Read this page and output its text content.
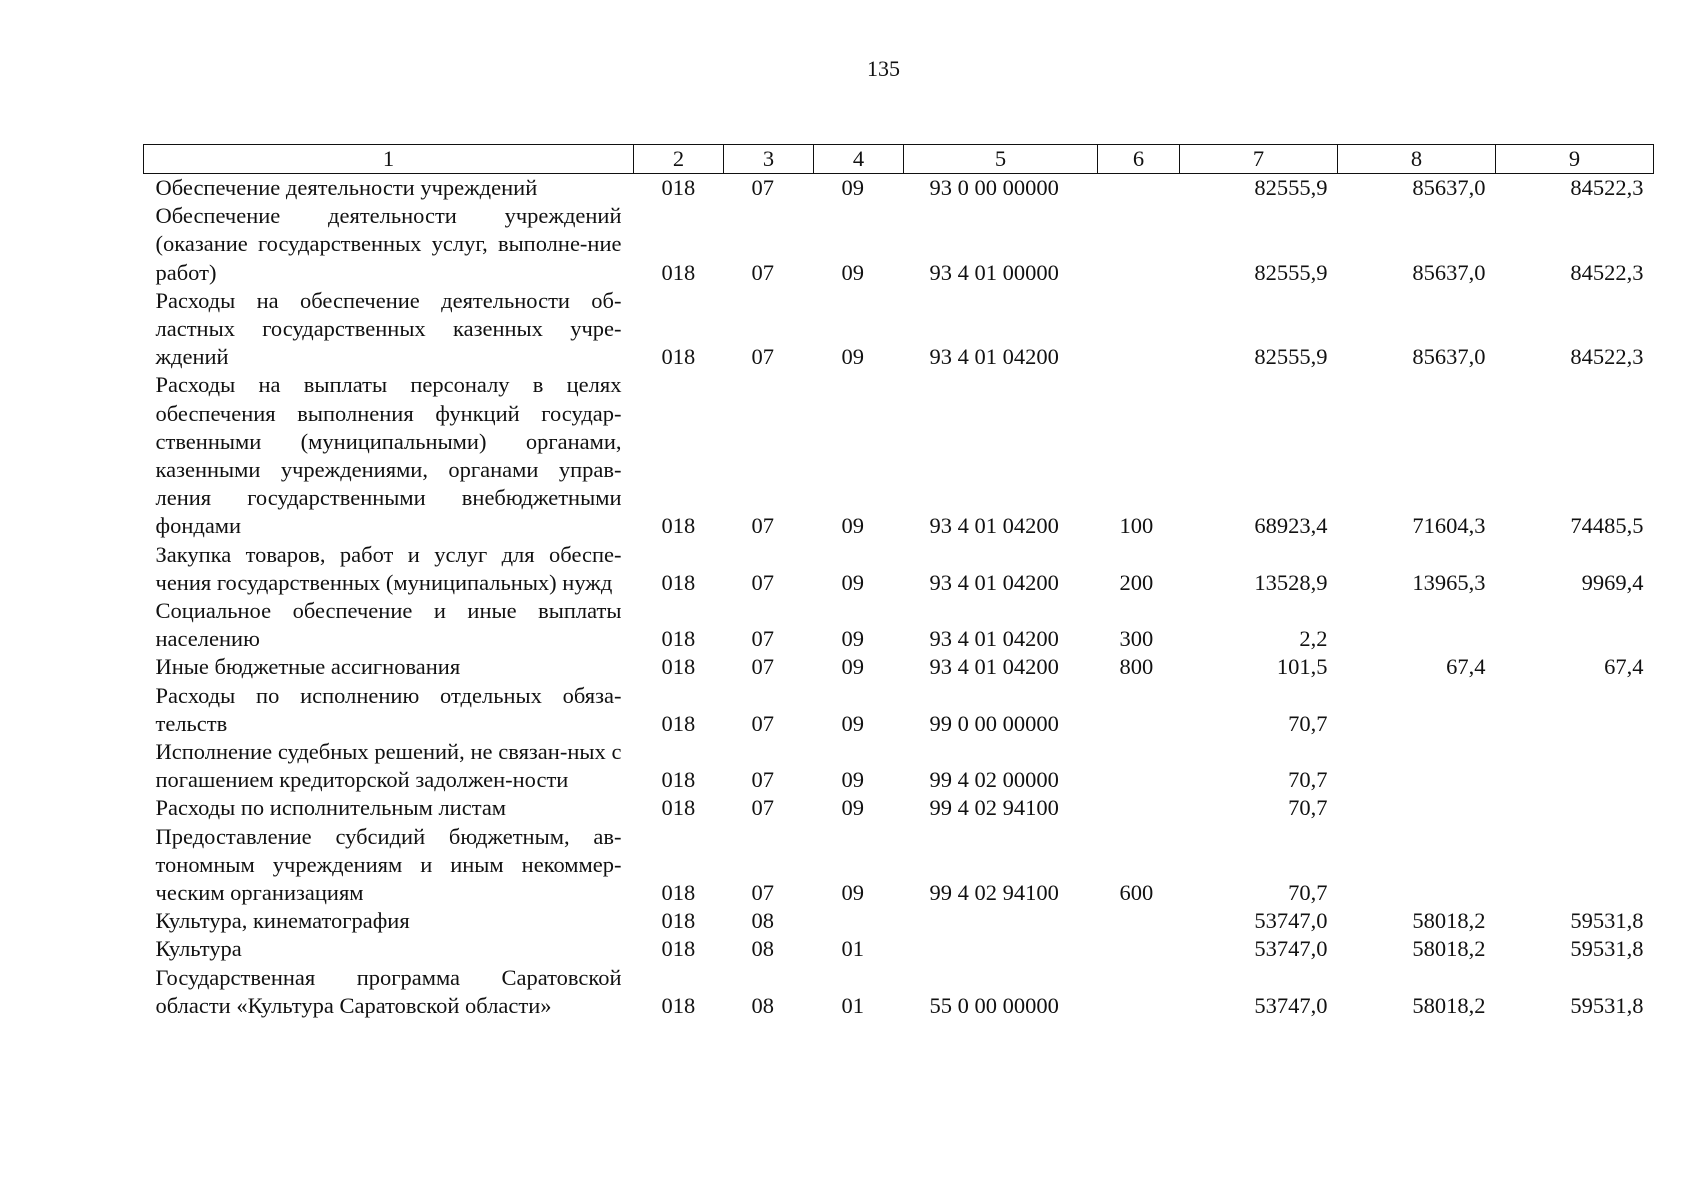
135
1	2	3	4	5	6	7	8	9
Обеспечение деятельности учреждений	018	07	09	93 0 00 00000		82555,9	85637,0	84522,3
Обеспечение деятельности учреждений (оказание государственных услуг, выполне-ние работ)	018	07	09	93 4 01 00000		82555,9	85637,0	84522,3
Расходы на обеспечение деятельности об-ластных государственных казенных учре-ждений	018	07	09	93 4 01 04200		82555,9	85637,0	84522,3
Расходы на выплаты персоналу в целях обеспечения выполнения функций государ-ственными (муниципальными) органами, казенными учреждениями, органами управ-ления государственными внебюджетными фондами	018	07	09	93 4 01 04200	100	68923,4	71604,3	74485,5
Закупка товаров, работ и услуг для обеспе-чения государственных (муниципальных) нужд	018	07	09	93 4 01 04200	200	13528,9	13965,3	9969,4
Социальное обеспечение и иные выплаты населению	018	07	09	93 4 01 04200	300	2,2		
Иные бюджетные ассигнования	018	07	09	93 4 01 04200	800	101,5	67,4	67,4
Расходы по исполнению отдельных обяза-тельств	018	07	09	99 0 00 00000		70,7		
Исполнение судебных решений, не связан-ных с погашением кредиторской задолжен-ности	018	07	09	99 4 02 00000		70,7		
Расходы по исполнительным листам	018	07	09	99 4 02 94100		70,7		
Предоставление субсидий бюджетным, ав-тономным учреждениям и иным некоммер-ческим организациям	018	07	09	99 4 02 94100	600	70,7		
Культура, кинематография	018	08				53747,0	58018,2	59531,8
Культура	018	08	01			53747,0	58018,2	59531,8
Государственная программа Саратовской области «Культура Саратовской области»	018	08	01	55 0 00 00000		53747,0	58018,2	59531,8
